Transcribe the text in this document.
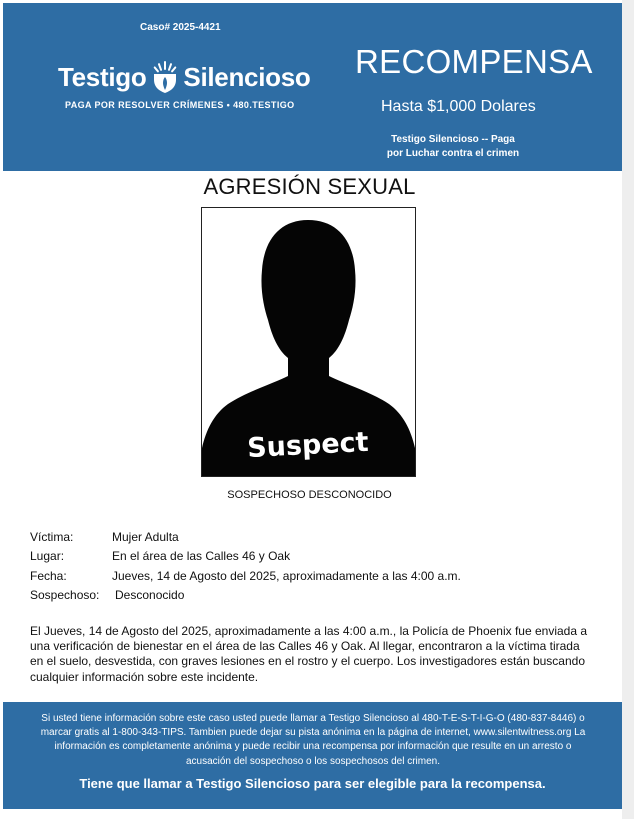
Caso# 2025-4421
Testigo Silencioso
PAGA POR RESOLVER CRÍMENES • 480.TESTIGO
RECOMPENSA
Hasta $1,000 Dolares
Testigo Silencioso -- Paga por Luchar contra el crimen
AGRESIÓN SEXUAL
Suspect
SOSPECHOSO DESCONOCIDO
Víctima:	Mujer Adulta
Lugar:	En el área de las Calles 46 y Oak
Fecha:	Jueves, 14 de Agosto del 2025, aproximadamente a las 4:00 a.m.
Sospechoso:	Desconocido
El Jueves, 14 de Agosto del 2025, aproximadamente a las 4:00 a.m., la Policía de Phoenix fue enviada a una verificación de bienestar en el área de las Calles 46 y Oak. Al llegar, encontraron a la víctima tirada en el suelo, desvestida, con graves lesiones en el rostro y el cuerpo. Los investigadores están buscando cualquier información sobre este incidente.
Si usted tiene información sobre este caso usted puede llamar a Testigo Silencioso al 480-T-E-S-T-I-G-O (480-837-8446) o marcar gratis al 1-800-343-TIPS. Tambien puede dejar su pista anónima en la página de internet, www.silentwitness.org La información es completamente anónima y puede recibir una recompensa por información que resulte en un arresto o acusación del sospechoso o los sospechosos del crimen.
Tiene que llamar a Testigo Silencioso para ser elegible para la recompensa.
